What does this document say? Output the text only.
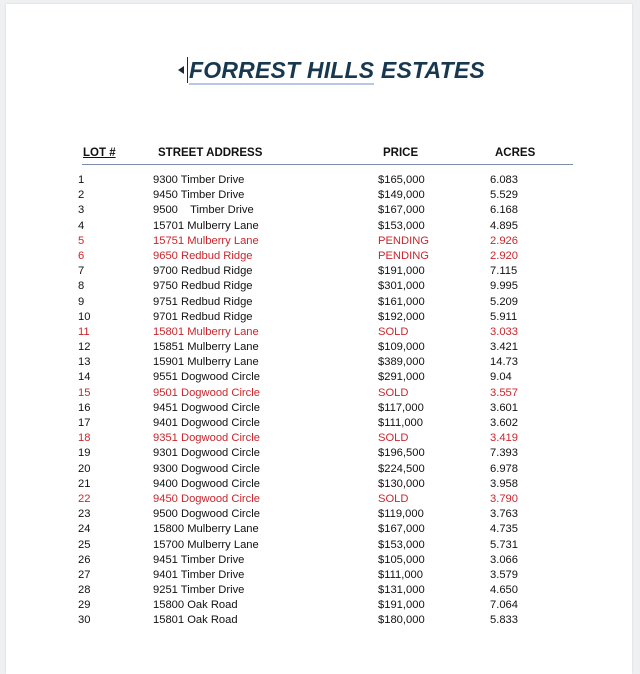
FORREST HILLS ESTATES
LOT #	STREET ADDRESS	PRICE	ACRES
1	9300 Timber Drive	$165,000	6.083
2	9450 Timber Drive	$149,000	5.529
3	9500    Timber Drive	$167,000	6.168
4	15701 Mulberry Lane	$153,000	4.895
5	15751 Mulberry Lane	PENDING	2.926
6	9650 Redbud Ridge	PENDING	2.920
7	9700 Redbud Ridge	$191,000	7.115
8	9750 Redbud Ridge	$301,000	9.995
9	9751 Redbud Ridge	$161,000	5.209
10	9701 Redbud Ridge	$192,000	5.911
11	15801 Mulberry Lane	SOLD	3.033
12	15851 Mulberry Lane	$109,000	3.421
13	15901 Mulberry Lane	$389,000	14.73
14	9551 Dogwood Circle	$291,000	9.04
15	9501 Dogwood Circle	SOLD	3.557
16	9451 Dogwood Circle	$117,000	3.601
17	9401 Dogwood Circle	$111,000	3.602
18	9351 Dogwood Circle	SOLD	3.419
19	9301 Dogwood Circle	$196,500	7.393
20	9300 Dogwood Circle	$224,500	6.978
21	9400 Dogwood Circle	$130,000	3.958
22	9450 Dogwood Circle	SOLD	3.790
23	9500 Dogwood Circle	$119,000	3.763
24	15800 Mulberry Lane	$167,000	4.735
25	15700 Mulberry Lane	$153,000	5.731
26	9451 Timber Drive	$105,000	3.066
27	9401 Timber Drive	$111,000	3.579
28	9251 Timber Drive	$131,000	4.650
29	15800 Oak Road	$191,000	7.064
30	15801 Oak Road	$180,000	5.833
